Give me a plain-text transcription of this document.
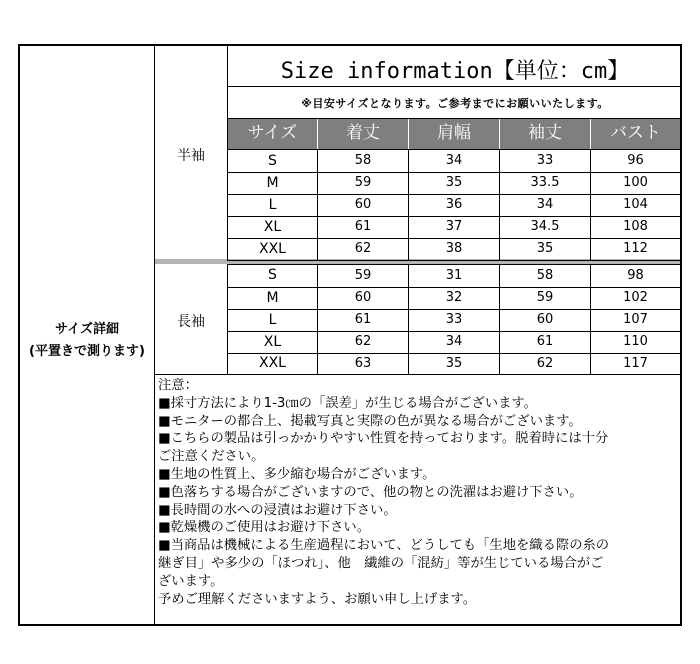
サイズ詳細
(平置きで測ります)
Size information【単位：cm】
※目安サイズとなります。ご参考までにお願いいたします。
サイズ	着丈	肩幅	袖丈	バスト
半袖
長袖
S	58	34	33	96
M	59	35	33.5	100
L	60	36	34	104
XL	61	37	34.5	108
XXL	62	38	35	112
S	59	31	58	98
M	60	32	59	102
L	61	33	60	107
XL	62	34	61	110
XXL	63	35	62	117
注意：
■採寸方法により1-3㎝の「誤差」が生じる場合がございます。
■モニターの都合上、掲載写真と実際の色が異なる場合がございます。
■こちらの製品は引っかかりやすい性質を持っております。脱着時には十分
ご注意ください。
■生地の性質上、多少縮む場合がございます。
■色落ちする場合がございますので、他の物との洗濯はお避け下さい。
■長時間の水への浸漬はお避け下さい。
■乾燥機のご使用はお避け下さい。
■当商品は機械による生産過程において、どうしても「生地を織る際の糸の
継ぎ目」や多少の「ほつれ」、他　繊維の「混紡」等が生じている場合がご
ざいます。
予めご理解くださいますよう、お願い申し上げます。
